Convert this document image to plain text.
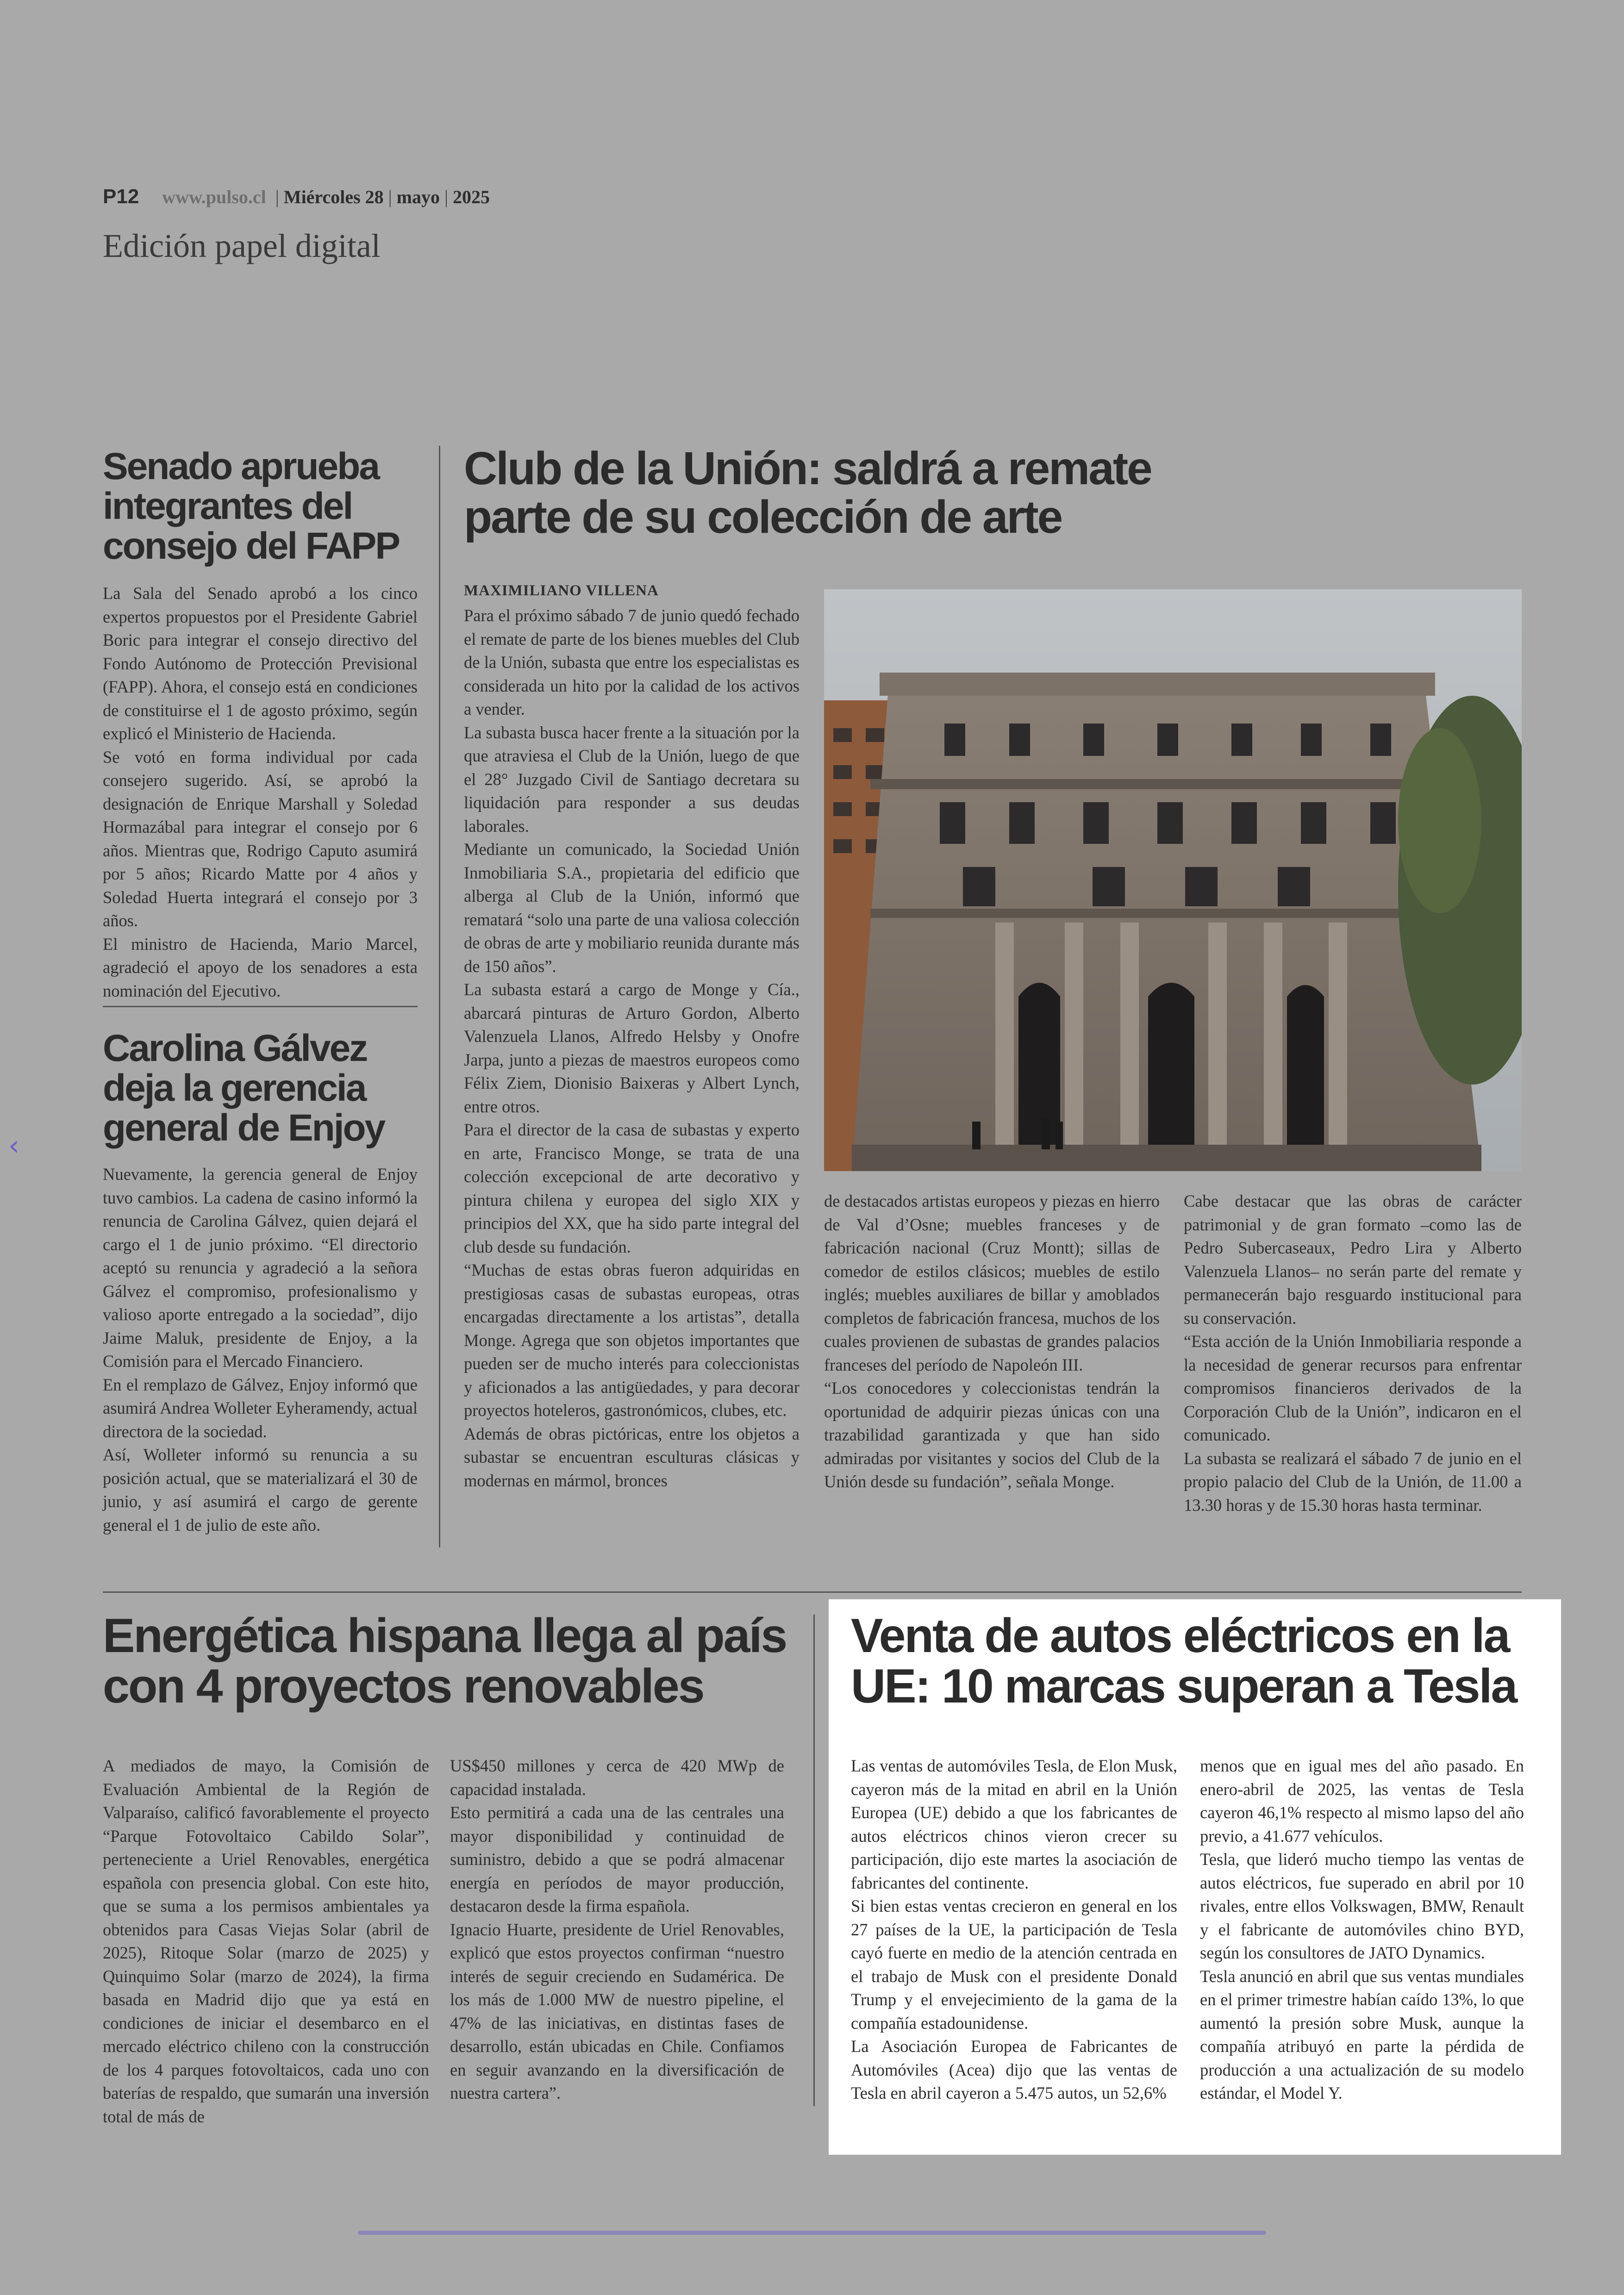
P12 www.pulso.cl | Miércoles 28 | mayo | 2025
Edición papel digital
‹
Senado aprueba integrantes del consejo del FAPP

La Sala del Senado aprobó a los cinco expertos propuestos por el Presidente Gabriel Boric para integrar el consejo directivo del Fondo Autónomo de Protección Previsional (FAPP). Ahora, el consejo está en condiciones de constituirse el 1 de agosto próximo, según explicó el Ministerio de Hacienda.

Se votó en forma individual por cada consejero sugerido. Así, se aprobó la designación de Enrique Marshall y Soledad Hormazábal para integrar el consejo por 6 años. Mientras que, Rodrigo Caputo asumirá por 5 años; Ricardo Matte por 4 años y Soledad Huerta integrará el consejo por 3 años.

El ministro de Hacienda, Mario Marcel, agradeció el apoyo de los senadores a esta nominación del Ejecutivo.

Carolina Gálvez deja la gerencia general de Enjoy

Nuevamente, la gerencia general de Enjoy tuvo cambios. La cadena de casino informó la renuncia de Carolina Gálvez, quien dejará el cargo el 1 de junio próximo. “El directorio aceptó su renuncia y agradeció a la señora Gálvez el compromiso, profesionalismo y valioso aporte entregado a la sociedad”, dijo Jaime Maluk, presidente de Enjoy, a la Comisión para el Mercado Financiero.

En el remplazo de Gálvez, Enjoy informó que asumirá Andrea Wolleter Eyheramendy, actual directora de la sociedad.

Así, Wolleter informó su renuncia a su posición actual, que se materializará el 30 de junio, y así asumirá el cargo de gerente general el 1 de julio de este año.

Club de la Unión: saldrá a remate parte de su colección de arte
MAXIMILIANO VILLENA

Para el próximo sábado 7 de junio quedó fechado el remate de parte de los bienes muebles del Club de la Unión, subasta que entre los especialistas es considerada un hito por la calidad de los activos a vender.

La subasta busca hacer frente a la situación por la que atraviesa el Club de la Unión, luego de que el 28° Juzgado Civil de Santiago decretara su liquidación para responder a sus deudas laborales.

Mediante un comunicado, la Sociedad Unión Inmobiliaria S.A., propietaria del edificio que alberga al Club de la Unión, informó que rematará “solo una parte de una valiosa colección de obras de arte y mobiliario reunida durante más de 150 años”.

La subasta estará a cargo de Monge y Cía., abarcará pinturas de Arturo Gordon, Alberto Valenzuela Llanos, Alfredo Helsby y Onofre Jarpa, junto a piezas de maestros europeos como Félix Ziem, Dionisio Baixeras y Albert Lynch, entre otros.

Para el director de la casa de subastas y experto en arte, Francisco Monge, se trata de una colección excepcional de arte decorativo y pintura chilena y europea del siglo XIX y principios del XX, que ha sido parte integral del club desde su fundación.

“Muchas de estas obras fueron adquiridas en prestigiosas casas de subastas europeas, otras encargadas directamente a los artistas”, detalla Monge. Agrega que son objetos importantes que pueden ser de mucho interés para coleccionistas y aficionados a las antigüedades, y para decorar proyectos hoteleros, gastronómicos, clubes, etc.

Además de obras pictóricas, entre los objetos a subastar se encuentran esculturas clásicas y modernas en mármol, bronces

de destacados artistas europeos y piezas en hierro de Val d’Osne; muebles franceses y de fabricación nacional (Cruz Montt); sillas de comedor de estilos clásicos; muebles de estilo inglés; muebles auxiliares de billar y amoblados completos de fabricación francesa, muchos de los cuales provienen de subastas de grandes palacios franceses del período de Napoleón III.

“Los conocedores y coleccionistas tendrán la oportunidad de adquirir piezas únicas con una trazabilidad garantizada y que han sido admiradas por visitantes y socios del Club de la Unión desde su fundación”, señala Monge.

Cabe destacar que las obras de carácter patrimonial y de gran formato –como las de Pedro Subercaseaux, Pedro Lira y Alberto Valenzuela Llanos– no serán parte del remate y permanecerán bajo resguardo institucional para su conservación.

“Esta acción de la Unión Inmobiliaria responde a la necesidad de generar recursos para enfrentar compromisos financieros derivados de la Corporación Club de la Unión”, indicaron en el comunicado.

La subasta se realizará el sábado 7 de junio en el propio palacio del Club de la Unión, de 11.00 a 13.30 horas y de 15.30 horas hasta terminar.

Energética hispana llega al país con 4 proyectos renovables

A mediados de mayo, la Comisión de Evaluación Ambiental de la Región de Valparaíso, calificó favorablemente el proyecto “Parque Fotovoltaico Cabildo Solar”, perteneciente a Uriel Renovables, energética española con presencia global. Con este hito, que se suma a los permisos ambientales ya obtenidos para Casas Viejas Solar (abril de 2025), Ritoque Solar (marzo de 2025) y Quinquimo Solar (marzo de 2024), la firma basada en Madrid dijo que ya está en condiciones de iniciar el desembarco en el mercado eléctrico chileno con la construcción de los 4 parques fotovoltaicos, cada uno con baterías de respaldo, que sumarán una inversión total de más de

US$450 millones y cerca de 420 MWp de capacidad instalada.

Esto permitirá a cada una de las centrales una mayor disponibilidad y continuidad de suministro, debido a que se podrá almacenar energía en períodos de mayor producción, destacaron desde la firma española.

Ignacio Huarte, presidente de Uriel Renovables, explicó que estos proyectos confirman “nuestro interés de seguir creciendo en Sudamérica. De los más de 1.000 MW de nuestro pipeline, el 47% de las iniciativas, en distintas fases de desarrollo, están ubicadas en Chile. Confiamos en seguir avanzando en la diversificación de nuestra cartera”.

Venta de autos eléctricos en la UE: 10 marcas superan a Tesla

Las ventas de automóviles Tesla, de Elon Musk, cayeron más de la mitad en abril en la Unión Europea (UE) debido a que los fabricantes de autos eléctricos chinos vieron crecer su participación, dijo este martes la asociación de fabricantes del continente.

Si bien estas ventas crecieron en general en los 27 países de la UE, la participación de Tesla cayó fuerte en medio de la atención centrada en el trabajo de Musk con el presidente Donald Trump y el envejecimiento de la gama de la compañía estadounidense.

La Asociación Europea de Fabricantes de Automóviles (Acea) dijo que las ventas de Tesla en abril cayeron a 5.475 autos, un 52,6%

menos que en igual mes del año pasado. En enero-abril de 2025, las ventas de Tesla cayeron 46,1% respecto al mismo lapso del año previo, a 41.677 vehículos.

Tesla, que lideró mucho tiempo las ventas de autos eléctricos, fue superado en abril por 10 rivales, entre ellos Volkswagen, BMW, Renault y el fabricante de automóviles chino BYD, según los consultores de JATO Dynamics.

Tesla anunció en abril que sus ventas mundiales en el primer trimestre habían caído 13%, lo que aumentó la presión sobre Musk, aunque la compañía atribuyó en parte la pérdida de producción a una actualización de su modelo estándar, el Model Y.
